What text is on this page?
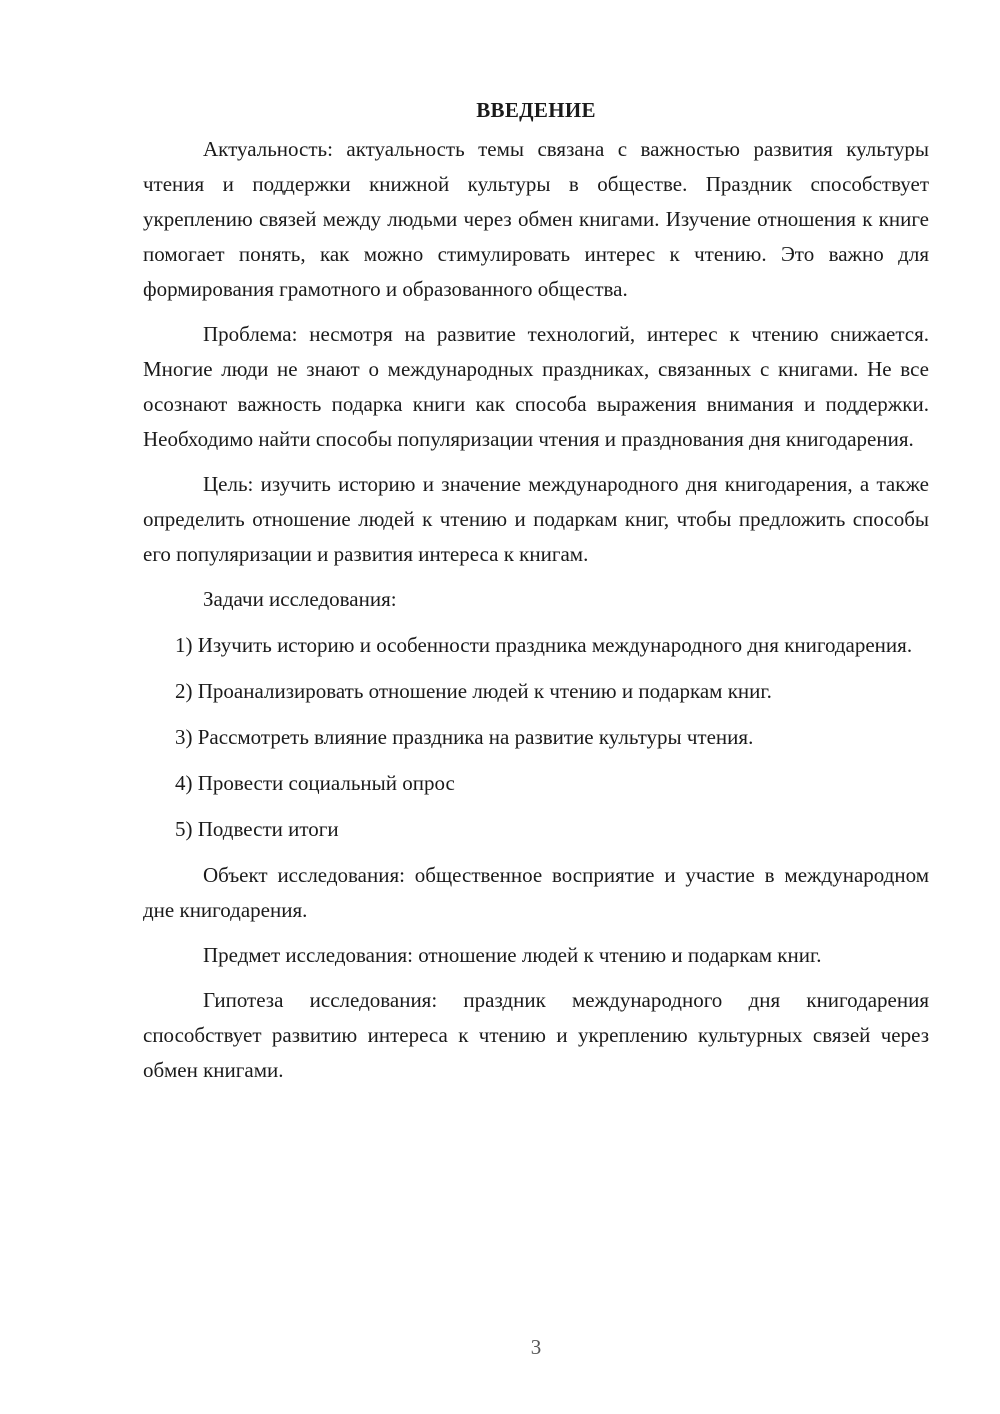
ВВЕДЕНИЕ

Актуальность: актуальность темы связана с важностью развития культуры чтения и поддержки книжной культуры в обществе. Праздник способствует укреплению связей между людьми через обмен книгами. Изучение отношения к книге помогает понять, как можно стимулировать интерес к чтению. Это важно для формирования грамотного и образованного общества.

Проблема: несмотря на развитие технологий, интерес к чтению снижается. Многие люди не знают о международных праздниках, связанных с книгами. Не все осознают важность подарка книги как способа выражения внимания и поддержки. Необходимо найти способы популяризации чтения и празднования дня книгодарения.

Цель: изучить историю и значение международного дня книгодарения, а также определить отношение людей к чтению и подаркам книг, чтобы предложить способы его популяризации и развития интереса к книгам.

Задачи исследования:
1) Изучить историю и особенности праздника международного дня книгодарения.
2) Проанализировать отношение людей к чтению и подаркам книг.
3) Рассмотреть влияние праздника на развитие культуры чтения.
4) Провести социальный опрос
5) Подвести итоги

Объект исследования: общественное восприятие и участие в международном дне книгодарения.

Предмет исследования: отношение людей к чтению и подаркам книг.

Гипотеза исследования: праздник международного дня книгодарения способствует развитию интереса к чтению и укреплению культурных связей через обмен книгами.

3
